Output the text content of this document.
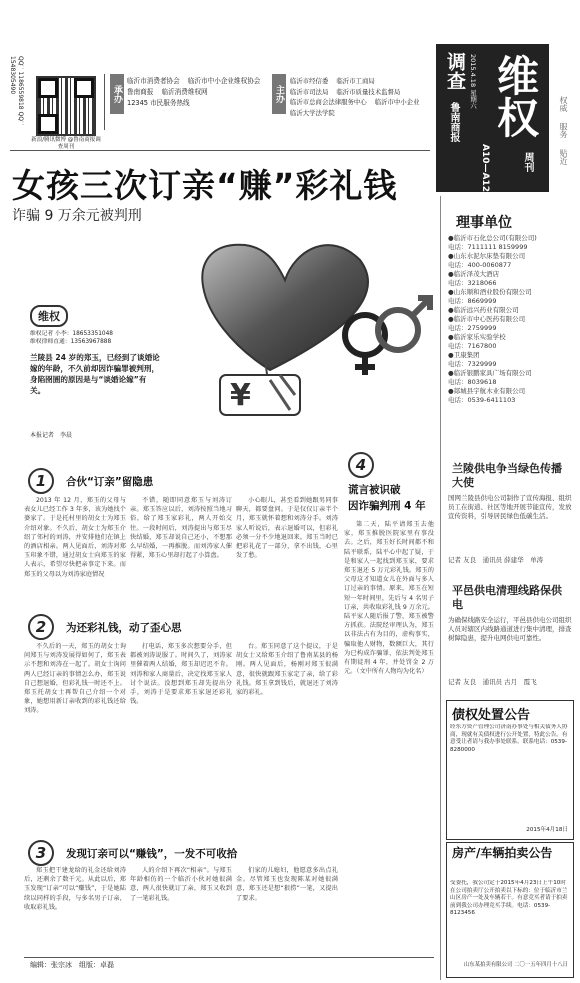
QQ：1186559818 QQ：1548305490
新浪/腾讯微博 @鲁南商报调查周刊
承办
临沂市消费者协会 临沂市中小企业维权协会
鲁南商报 临沂消费维权网
12345 市民服务热线	主办
临沂市经信委 临沂市工商局
临沂市司法局 临沂市质量技术监督局
临沂市总商会法律服务中心 临沂市中小企业
临沂大学法学院	维权
调查
鲁南商报
2015.4.18 星期六
A10—A12	周刊
权威　 服务　 贴近
女孩三次订亲“赚”彩礼钱
诈骗 9 万余元被判刑
¥
维权
维权记者 小李：18653351048
维权律师直通：13563967888
兰陵县 24 岁的郑玉，已经到了谈婚论嫁的年龄，不久前却因诈骗罪被判刑，身陷囹圄的原因是与“谈婚论嫁”有关。
本报记者　李晨
1	合伙“订亲”留隐患

2013 年 12 月，郑玉的父母与表女儿已经工作 3 年多，该为她找个婆家了。于是托村里的胡女士为郑玉介绍对象。不久后，胡女士为郑玉介绍了邻村的刘涛，并安排他们在镇上的酒店相亲。两人见面后，刘涛对郑玉印象不错，通过胡女士向郑玉的家人表示，希望尽快把亲事定下来。而郑玉的父母以为刘涛家庭情况

不错，随即同意郑玉与刘涛订亲。郑玉答应以后，刘涛按照当地习俗，给了郑玉家彩礼，两人开始交往。一段时间后，刘涛提出与郑玉尽快结婚，郑玉却说自己还小，不想那么早结婚，一再推脱。而刘涛家人催得紧，郑玉心里却打起了小算盘。

小心眼儿，甚至看到她跟男同事聊天，都要盘问。于是仅仅订亲半个月，郑玉就怀着想和刘涛分手。刘涛家人听说后，表示退婚可以，但彩礼必须一分不少地退回来。郑玉当时已把彩礼花了一部分，拿不出钱，心里发了愁。

2	为还彩礼钱，动了歪心思

不久后的一天，郑玉的胡女士询问郑玉与刘涛发展得如何了，郑玉表示不想和刘涛在一起了。胡女士询问两人已经订亲的事情怎么办，郑玉说自己想退婚，但彩礼钱一时还不上。郑玉托胡女士再帮自己介绍一个对象，她想用新订亲收到的彩礼钱还给刘涛。

打电话，郑玉多次想要分手，但都被刘涛说服了。时间久了，刘涛家里催着两人结婚，郑玉却迟迟不肯。刘涛和家人商量后，决定找郑玉家人讨个说法。没想到郑玉却先提出分手，刘涛于是要求郑玉家退还彩礼钱。

台。郑玉同意了这个提议，于是胡女士又给郑玉介绍了鲁南某县的杨刚。两人见面后，杨刚对郑玉很满意，很快就跟郑玉家定了亲，给了彩礼钱。郑玉拿到钱后，就退还了刘涛家的彩礼。

3	发现订亲可以“赚钱”，一发不可收拾

郑玉把干建龙给的礼金还给刘涛后，还剩余了数千元。从此以后，郑玉发现“订亲”可以“赚钱”，于是她陆续以同样的手段，与多名男子订亲，收取彩礼钱。

人的介绍下再次“相亲”。与郑玉年龄相仿的一个临沂小伙对她很满意，两人很快就订了亲，郑玉又收到了一笔彩礼钱。

们家的儿媳妇，他愿意多出点礼金。尽管郑玉也发现陈某对她很满意，郑玉还是想“狠捞”一笔，又提出了要求。

4
谎言被识破
因诈骗判刑 4 年

第二天，陆平请郑玉去他家，郑玉推脱医院家里有事没去。之后，郑玉好长时间都不和陆平联系，陆平心中起了疑，于是和家人一起找到郑玉家，要求郑玉退还 5 万元彩礼钱。郑玉的父母这才知道女儿在外面与多人订过亲的事情。原来，郑玉在短短一年时间里，先后与 4 名男子订亲，共收取彩礼钱 9 万余元。陆平家人随后报了警，郑玉被警方抓获。法院经审理认为，郑玉以非法占有为目的，虚构事实，骗取他人财物，数额巨大，其行为已构成诈骗罪，依法判处郑玉有期徒刑 4 年，并处罚金 2 万元。（文中所有人物均为化名）

编辑：张宗冰　组版：卓磊
理事单位
●临沂市石化总公司(有限公司)
电话：7111111 8159999
●山东水泥尔床垫有限公司
电话：400-0060877
●临沂泽茂大酒店
电话：3218066
●山东顺和酒业股份有限公司
电话：8669999
●临沂远兴药业有限公司
●临沂市中心医药有限公司
电话：2759999
●临沂家乐实验学校
电话：7167800
●卫康集团
电话：7329999
●临沂银鹏家具广场有限公司
电话：8039618
●郯城县宇航木业有限公司
电话：0539-6411103
兰陵供电争当绿色传播大使
国网兰陵县供电公司制作了宣传海报、组织员工在街道、社区等地开展节能宣传，发放宣传资料，引导居民绿色低碳生活。
记者 友良　通讯员 薛建华　单涛
平邑供电清理线路保供电
为确保线路安全运行，平邑县供电公司组织人员对辖区内线路通道进行集中清理，排查树障隐患，提升电网供电可靠性。
记者 友良　通讯员 古月　霞飞
债权处置公告
经东方资产管理公司济南办事处与相关债务人协商，现就有关债权进行公开处置，特此公告。有意受让者请与我办事处联系。联系电话：0539-8280000
2015年4月18日
房产/车辆拍卖公告
受委托，我公司定于2015年4月23日上午10时在公司拍卖厅公开拍卖以下标的：位于临沂市兰山区房产一处及车辆若干。有意竞买者请于拍卖前到我公司办理竞买手续。电话：0539-8123456
山东某拍卖有限公司 二〇一五年四月十八日
